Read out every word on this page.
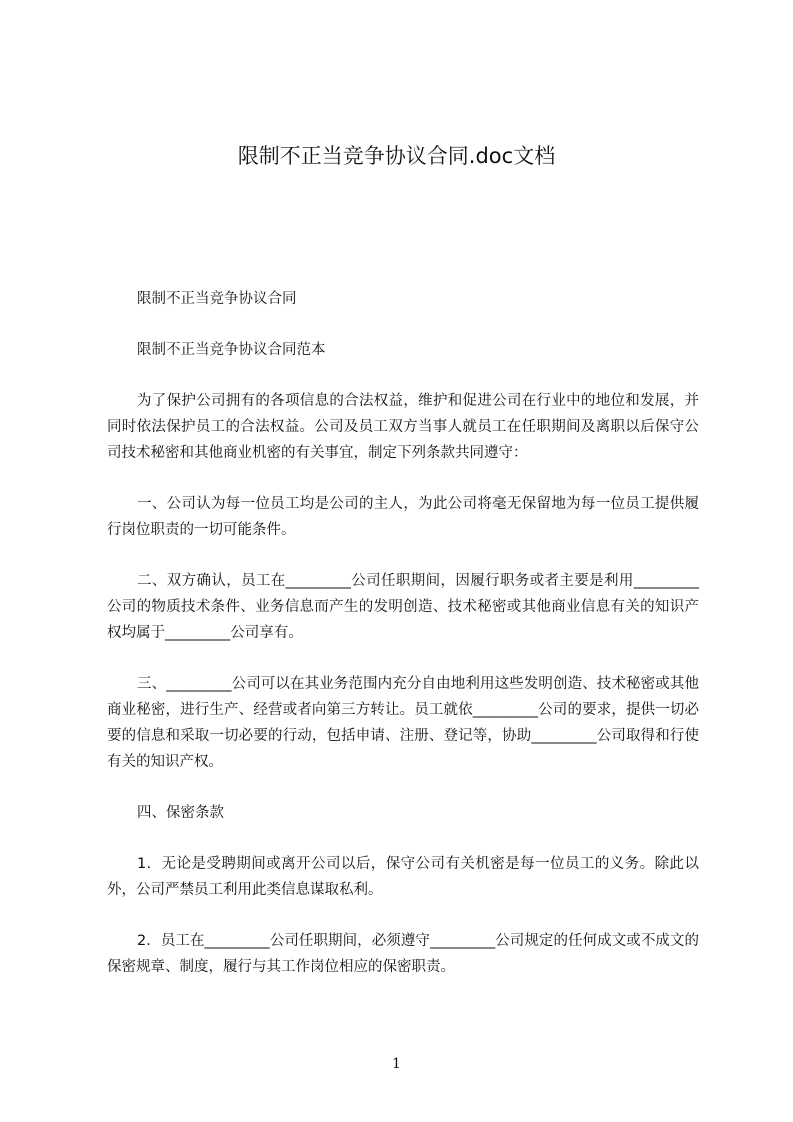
限制不正当竞争协议合同.doc文档

限制不正当竞争协议合同

限制不正当竞争协议合同范本

为了保护公司拥有的各项信息的合法权益，维护和促进公司在行业中的地位和发展，并同时依法保护员工的合法权益。公司及员工双方当事人就员工在任职期间及离职以后保守公司技术秘密和其他商业机密的有关事宜，制定下列条款共同遵守：

一、公司认为每一位员工均是公司的主人，为此公司将毫无保留地为每一位员工提供履行岗位职责的一切可能条件。

二、双方确认，员工在_________公司任职期间，因履行职务或者主要是利用_________公司的物质技术条件、业务信息而产生的发明创造、技术秘密或其他商业信息有关的知识产权均属于_________公司享有。

三、_________公司可以在其业务范围内充分自由地利用这些发明创造、技术秘密或其他商业秘密，进行生产、经营或者向第三方转让。员工就依_________公司的要求，提供一切必要的信息和采取一切必要的行动，包括申请、注册、登记等，协助_________公司取得和行使有关的知识产权。

四、保密条款

1．无论是受聘期间或离开公司以后，保守公司有关机密是每一位员工的义务。除此以外，公司严禁员工利用此类信息谋取私利。

2．员工在_________公司任职期间，必须遵守_________公司规定的任何成文或不成文的保密规章、制度，履行与其工作岗位相应的保密职责。

1
